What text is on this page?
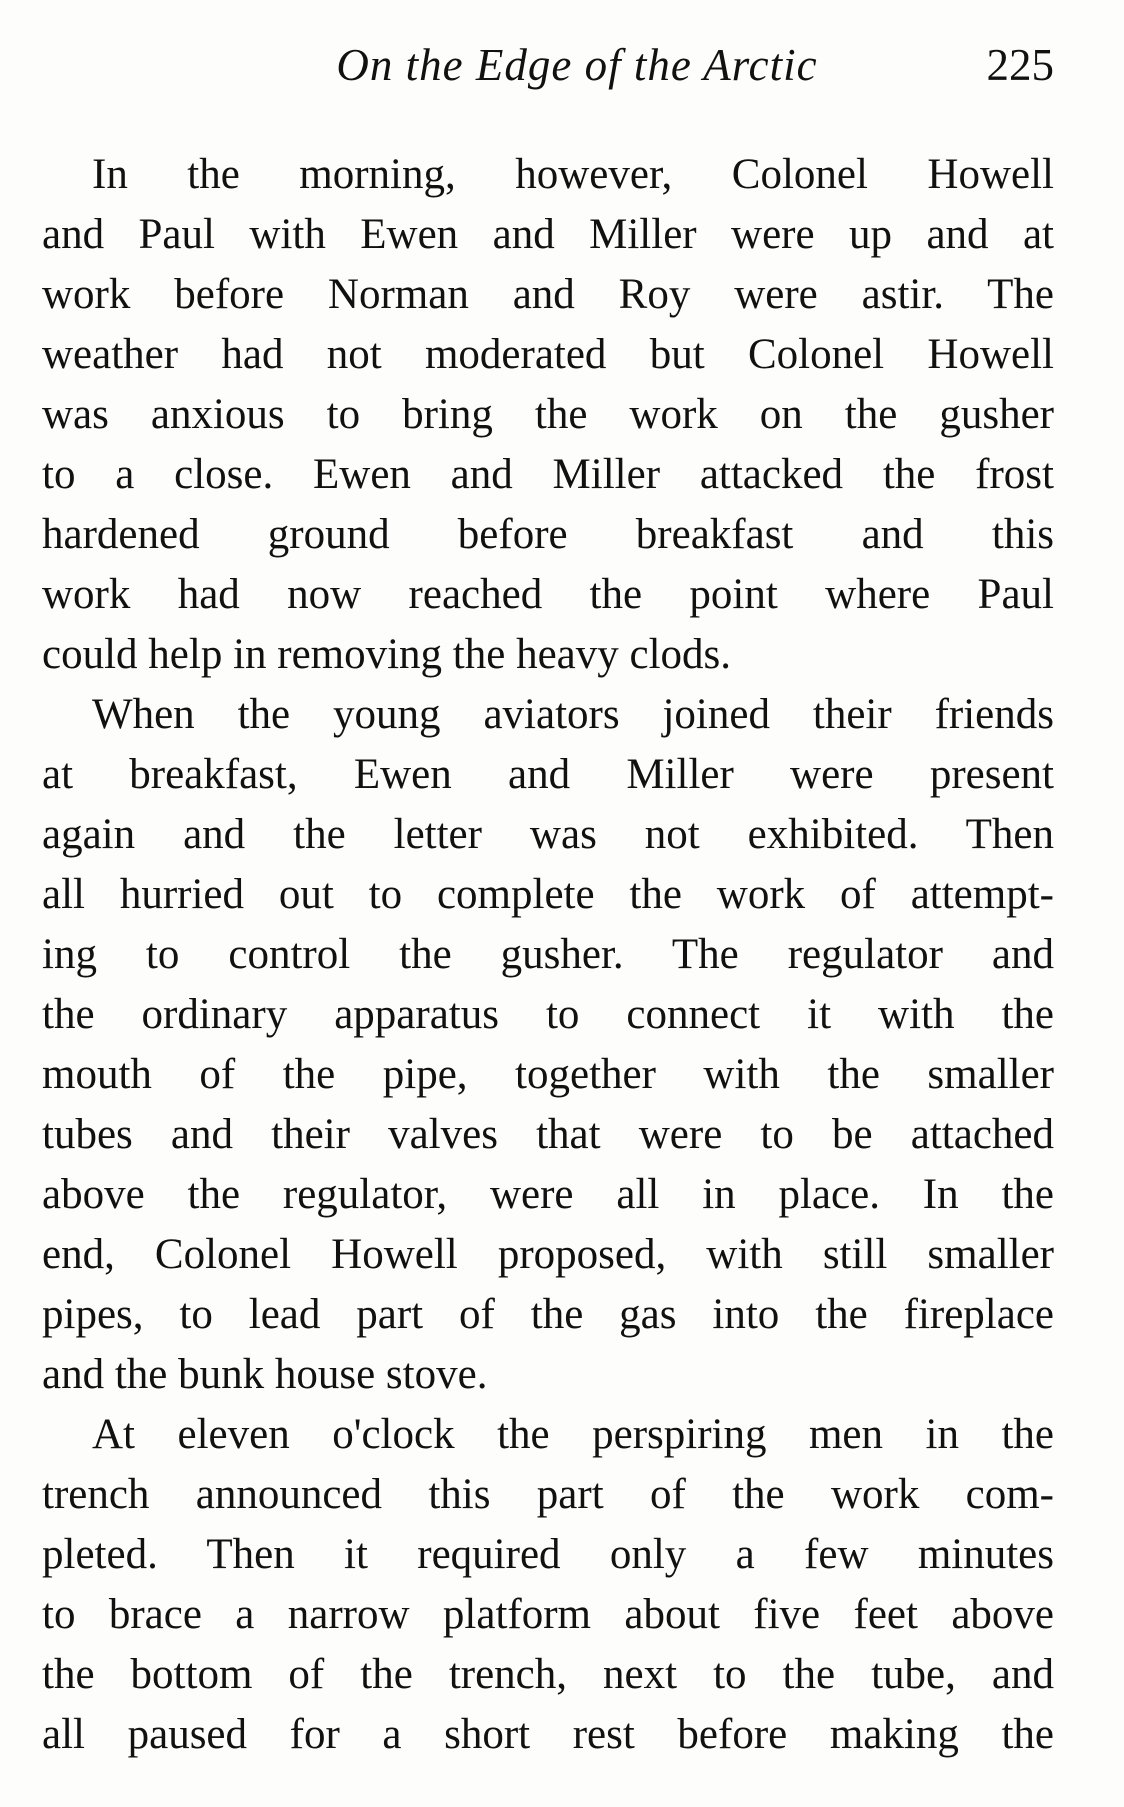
On the Edge of the Arctic	225
In the morning, however, Colonel Howell
and Paul with Ewen and Miller were up and at
work before Norman and Roy were astir. The
weather had not moderated but Colonel Howell
was anxious to bring the work on the gusher
to a close. Ewen and Miller attacked the frost
hardened ground before breakfast and this
work had now reached the point where Paul
could help in removing the heavy clods.
When the young aviators joined their friends
at breakfast, Ewen and Miller were present
again and the letter was not exhibited. Then
all hurried out to complete the work of attempt-
ing to control the gusher. The regulator and
the ordinary apparatus to connect it with the
mouth of the pipe, together with the smaller
tubes and their valves that were to be attached
above the regulator, were all in place. In the
end, Colonel Howell proposed, with still smaller
pipes, to lead part of the gas into the fireplace
and the bunk house stove.
At eleven o'clock the perspiring men in the
trench announced this part of the work com-
pleted. Then it required only a few minutes
to brace a narrow platform about five feet above
the bottom of the trench, next to the tube, and
all paused for a short rest before making the
